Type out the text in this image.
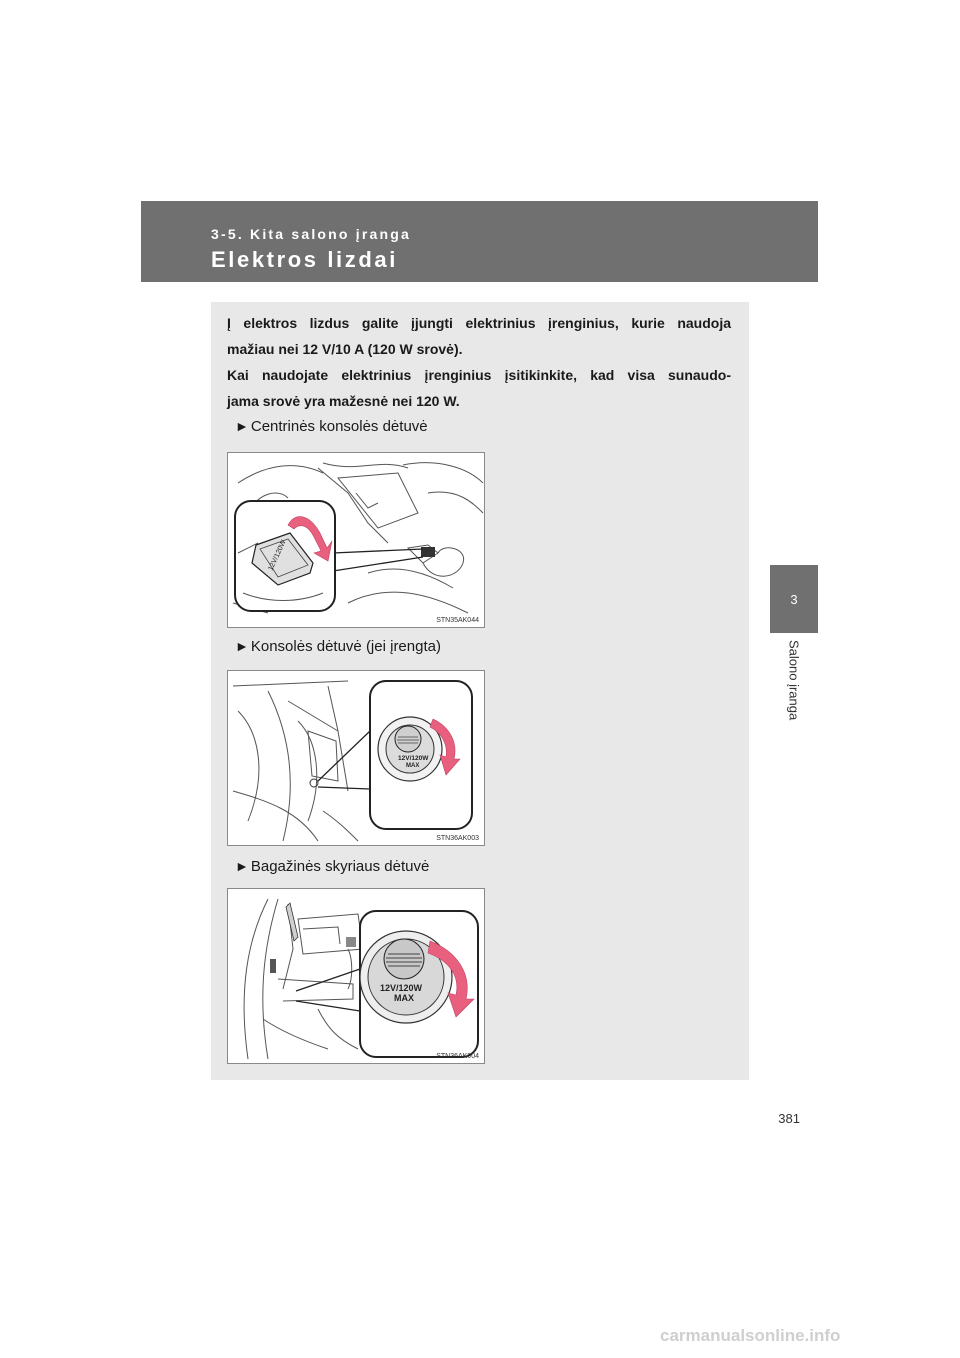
3-5. Kita salono įranga
Elektros lizdai
3
Salono įranga

Į elektros lizdus galite įjungti elektrinius įrenginius, kurie naudoja
mažiau nei 12 V/10 A (120 W srovė).
Kai naudojate elektrinius įrenginius įsitikinkite, kad visa sunaudo-
jama srovė yra mažesnė nei 120 W.

► Centrinės konsolės dėtuvė
12V/120W
STN35AK044
► Konsolės dėtuvė (jei įrengta)
12V/120W
MAX
STN36AK003
► Bagažinės skyriaus dėtuvė
12V/120W
MAX
STN36AK004
381
carmanualsonline.info
